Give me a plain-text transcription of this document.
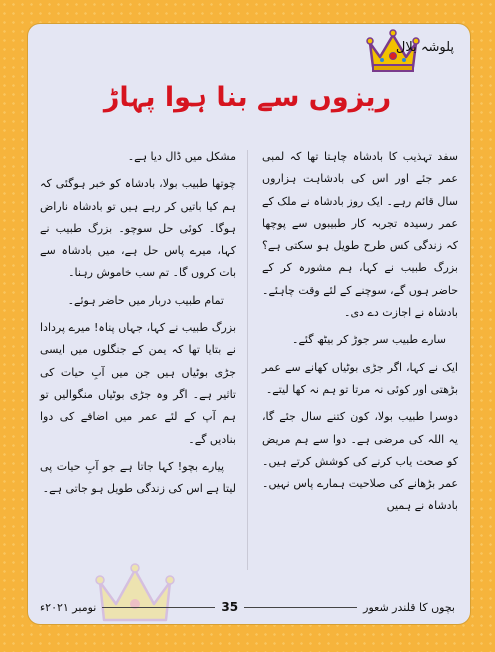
پلوشہ بلال
ریزوں سے بنا ہوا پہاڑ

سفد تہذیب کا بادشاہ چاہتا تھا کہ لمبی عمر جئے اور اس کی بادشاہت ہزاروں سال قائم رہے۔ ایک روز بادشاہ نے ملک کے عمر رسیدہ تجربہ کار طبیبوں سے پوچھا کہ زندگی کس طرح طویل ہو سکتی ہے؟ بزرگ طبیب نے کہا، ہم مشورہ کر کے حاضر ہوں گے، سوچنے کے لئے وقت چاہئے۔ بادشاہ نے اجازت دے دی۔

سارے طبیب سر جوڑ کر بیٹھ گئے۔

ایک نے کہا، اگر جڑی بوٹیاں کھانے سے عمر بڑھتی اور کوئی نہ مرتا تو ہم نہ کھا لیتے۔

دوسرا طبیب بولا، کون کتنے سال جئے گا، یہ اللہ کی مرضی ہے۔ دوا سے ہم مریض کو صحت یاب کرنے کی کوشش کرتے ہیں۔ عمر بڑھانے کی صلاحیت ہمارے پاس نہیں۔ بادشاہ نے ہمیں

مشکل میں ڈال دیا ہے۔

چوتھا طبیب بولا، بادشاہ کو خبر ہوگئی کہ ہم کیا باتیں کر رہے ہیں تو بادشاہ ناراض ہوگا۔ کوئی حل سوچو۔ بزرگ طبیب نے کہا، میرے پاس حل ہے، میں بادشاہ سے بات کروں گا۔ تم سب خاموش رہنا۔

تمام طبیب دربار میں حاضر ہوئے۔

بزرگ طبیب نے کہا، جہاں پناہ! میرے پردادا نے بتایا تھا کہ یمن کے جنگلوں میں ایسی جڑی بوٹیاں ہیں جن میں آبِ حیات کی تاثیر ہے۔ اگر وہ جڑی بوٹیاں منگوالیں تو ہم آپ کے لئے عمر میں اضافے کی دوا بنادیں گے۔

پیارے بچو! کہا جاتا ہے جو آبِ حیات پی لیتا ہے اس کی زندگی طویل ہو جاتی ہے۔

بچوں کا قلندر شعور
35
نومبر ۲۰۲۱ء
